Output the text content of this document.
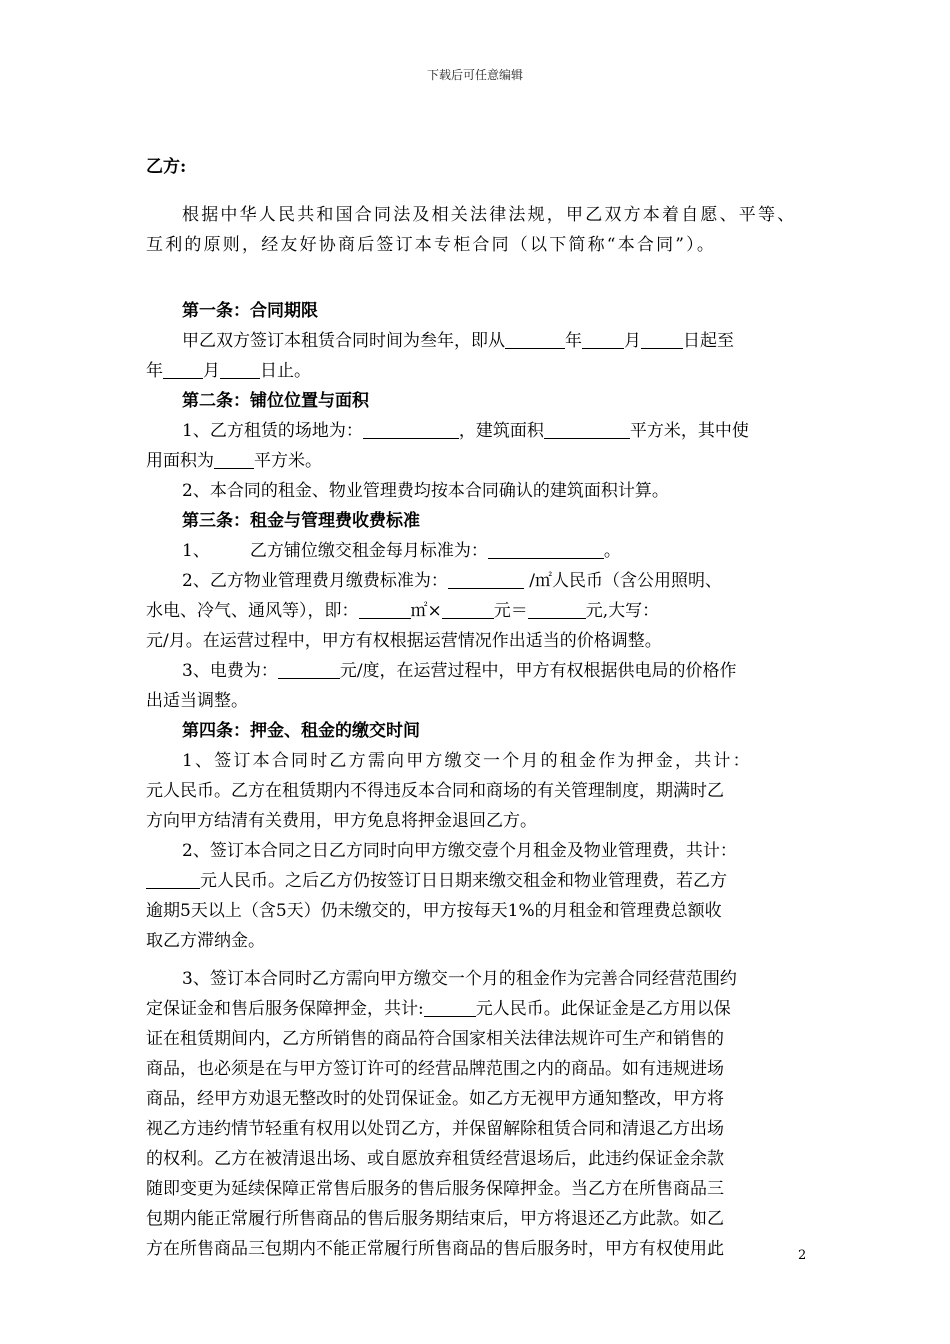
下载后可任意编辑
乙方:
根据中华人民共和国合同法及相关法律法规，甲乙双方本着自愿、平等、
互利的原则，经友好协商后签订本专柜合同（以下简称“本合同”）。
第一条：合同期限
甲乙双方签订本租赁合同时间为叁年，即从	年 月 日起至
年 月 日止。
第二条：铺位位置与面积
1、乙方租赁的场地为：	，建筑面积	平方米，其中使
用面积为 平方米。
2、本合同的租金、物业管理费均按本合同确认的建筑面积计算。
第三条：租金与管理费收费标准
1、 乙方铺位缴交租金每月标准为：	。
2、乙方物业管理费月缴费标准为：	/㎡人民币（含公用照明、
水电、冷气、通风等），即：	㎡×	元＝	元,大写：
元/月。在运营过程中，甲方有权根据运营情况作出适当的价格调整。
3、电费为：	元/度，在运营过程中，甲方有权根据供电局的价格作
出适当调整。
第四条：押金、租金的缴交时间
1、签订本合同时乙方需向甲方缴交一个月的租金作为押金，共计：
元人民币。乙方在租赁期内不得违反本合同和商场的有关管理制度，期满时乙
方向甲方结清有关费用，甲方免息将押金退回乙方。
2、签订本合同之日乙方同时向甲方缴交壹个月租金及物业管理费，共计：
元人民币。之后乙方仍按签订日日期来缴交租金和物业管理费，若乙方
逾期5天以上（含5天）仍未缴交的，甲方按每天1%的月租金和管理费总额收
取乙方滞纳金。
3、签订本合同时乙方需向甲方缴交一个月的租金作为完善合同经营范围约
定保证金和售后服务保障押金，共计:	元人民币。此保证金是乙方用以保
证在租赁期间内，乙方所销售的商品符合国家相关法律法规许可生产和销售的
商品，也必须是在与甲方签订许可的经营品牌范围之内的商品。如有违规进场
商品，经甲方劝退无整改时的处罚保证金。如乙方无视甲方通知整改，甲方将
视乙方违约情节轻重有权用以处罚乙方，并保留解除租赁合同和清退乙方出场
的权利。乙方在被清退出场、或自愿放弃租赁经营退场后，此违约保证金余款
随即变更为延续保障正常售后服务的售后服务保障押金。当乙方在所售商品三
包期内能正常履行所售商品的售后服务期结束后，甲方将退还乙方此款。如乙
方在所售商品三包期内不能正常履行所售商品的售后服务时，甲方有权使用此	2
